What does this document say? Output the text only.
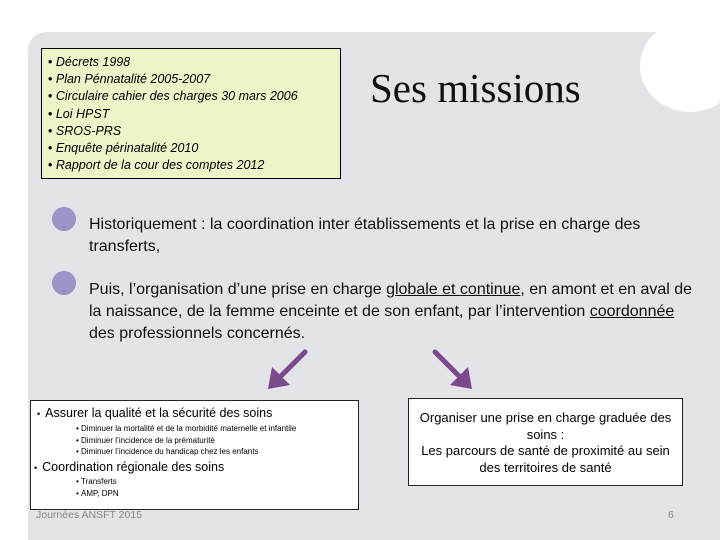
• Décrets 1998
• Plan Pénnatalité 2005-2007
• Circulaire cahier des charges 30 mars 2006
• Loi HPST
• SROS-PRS
• Enquête périnatalité 2010
• Rapport de la cour des comptes 2012
Ses missions
Historiquement : la coordination inter établissements et la prise en charge des transferts,
Puis, l’organisation d’une prise en charge globale et continue, en amont et en aval de la naissance, de la femme enceinte et de son enfant, par l’intervention coordonnée des professionnels concernés.
• Assurer la qualité et la sécurité des soins
• Diminuer la mortalité et de la morbidité maternelle et infantile
• Diminuer l’incidence de la prématurité
• Diminuer l’incidence du handicap chez les enfants
• Coordination régionale des soins
• Transferts
• AMP, DPN
Organiser une prise en charge graduée des soins :
Les parcours de santé de proximité au sein des territoires de santé
Journées ANSFT 2015	6
